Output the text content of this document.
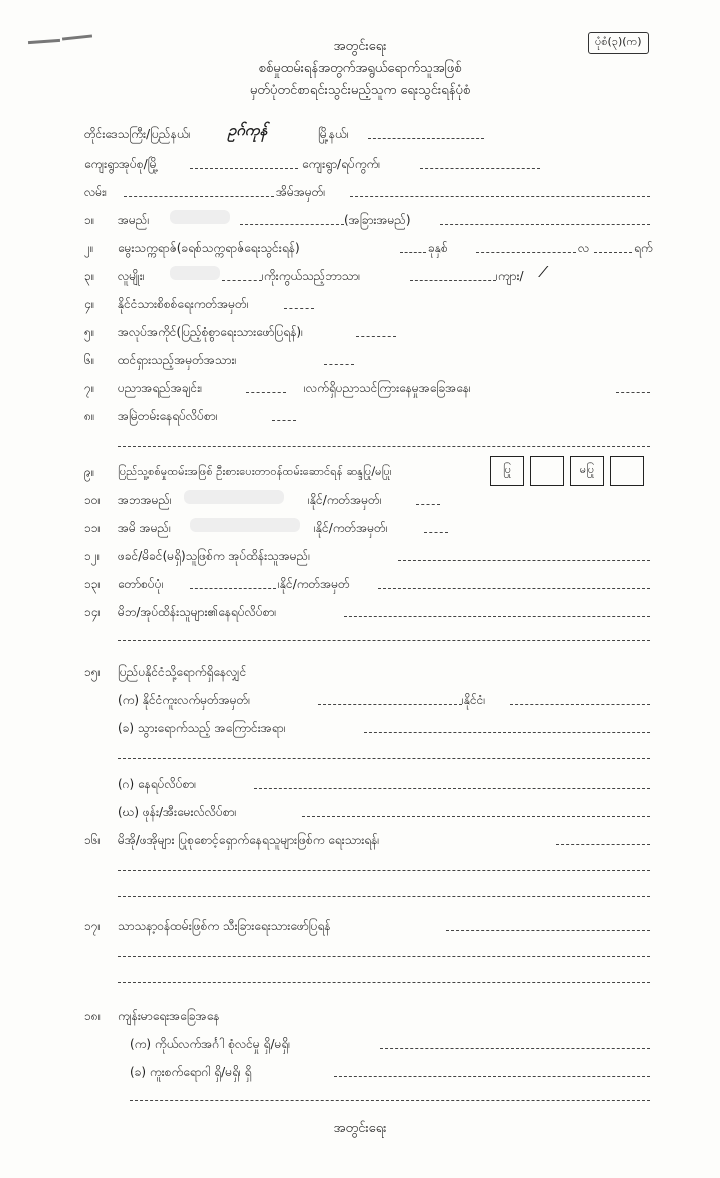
ပုံစံ(၃)(က)
အတွင်းရေး
စစ်မှုထမ်းရန်အတွက်အရွယ်ရောက်သူအဖြစ်
မှတ်ပုံတင်စာရင်းသွင်းမည့်သူက ရေးသွင်းရန်ပုံစံ
တိုင်းဒေသကြီး/ပြည်နယ်၊	ဥဂ်ကုန်	မြို့နယ်၊
ကျေးရွာအုပ်စု/မြို့	ကျေးရွာ/ရပ်ကွက်၊
လမ်း၊	အိမ်အမှတ်၊
၁။ အမည်၊	(အခြားအမည်)
၂။ မွေးသက္ကရာဇ်(ခရစ်သက္ကရာဇ်ရေးသွင်းရန်)	ခုနှစ်	လ	ရက်
၃။ လူမျိုး၊	၊ကိုးကွယ်သည့်ဘာသာ၊	၊ကျား/ ⁄
၄။ နိုင်ငံသားစိစစ်ရေးကတ်အမှတ်၊
၅။ အလုပ်အကိုင်(ပြည့်စုံစွာရေးသားဖော်ပြရန်)၊
၆။ ထင်ရှားသည့်အမှတ်အသား၊
၇။ ပညာအရည်အချင်း၊	၊လက်ရှိပညာသင်ကြားနေမှုအခြေအနေ၊
၈။ အမြဲတမ်းနေရပ်လိပ်စာ၊
၉။ ပြည်သူ့စစ်မှုထမ်းအဖြစ် ဦးစားပေးတာဝန်ထမ်းဆောင်ရန် ဆန္ဒပြု/မပြု၊	ပြု	မပြု
၁၀။ အဘအမည်၊	၊နိုင်/ကတ်အမှတ်၊
၁၁။ အမိ အမည်၊	၊နိုင်/ကတ်အမှတ်၊
၁၂။ ဖခင်/မိခင်(မရှိ)သူဖြစ်က အုပ်ထိန်းသူအမည်၊
၁၃။ တော်စပ်ပုံ၊	၊နိုင်/ကတ်အမှတ်
၁၄။ မိဘ/အုပ်ထိန်းသူများ၏နေရပ်လိပ်စာ၊
၁၅။ ပြည်ပနိုင်ငံသို့ရောက်ရှိနေလျှင်
(က) နိုင်ငံကူးလက်မှတ်အမှတ်၊	၊နိုင်ငံ၊
(ခ) သွားရောက်သည့် အကြောင်းအရာ၊
(ဂ) နေရပ်လိပ်စာ၊
(ဃ) ဖုန်း/အီးမေးလ်လိပ်စာ၊
၁၆။ မိအို/ဖအိုများ ပြုစုစောင့်ရှောက်နေရသူများဖြစ်က ရေးသားရန်၊
၁၇။ သာသနာ့ဝန်ထမ်းဖြစ်က သီးခြားရေးသားဖော်ပြရန်
၁၈။ ကျန်းမာရေးအခြေအနေ
(က) ကိုယ်လက်အင်္ဂါ စုံလင်မှု ရှိ/မရှိ၊
(ခ) ကူးစက်ရောဂါ ရှိ/မရှိ၊ ရှိ
အတွင်းရေး
